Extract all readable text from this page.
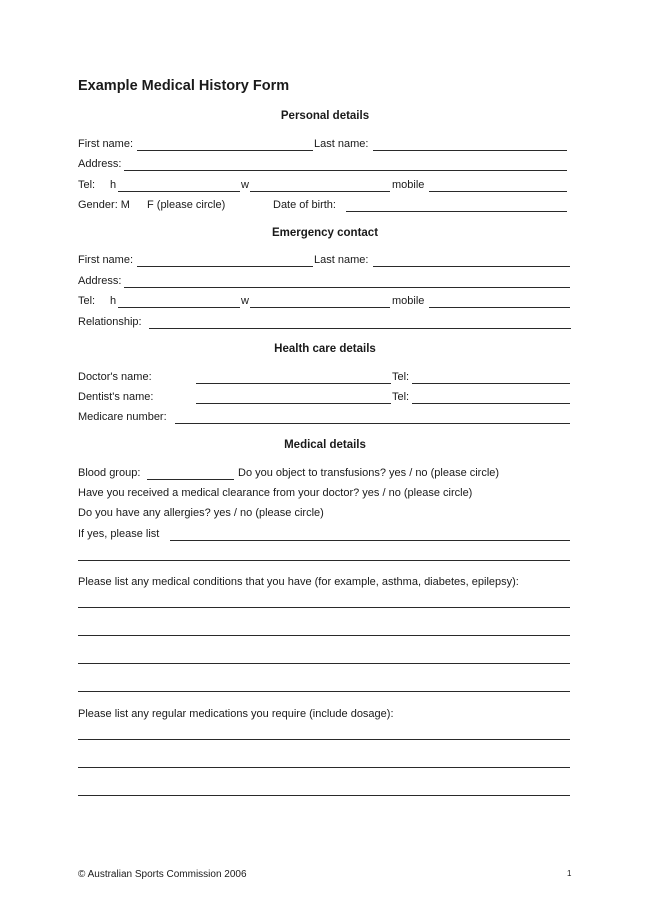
Example Medical History Form
Personal details
First name:	Last name:
Address:
Tel: h	w	mobile
Gender: M F (please circle)	Date of birth:
Emergency contact
First name:	Last name:
Address:
Tel: h	w	mobile
Relationship:
Health care details
Doctor's name:	Tel:
Dentist's name:	Tel:
Medicare number:
Medical details
Blood group:	Do you object to transfusions? yes / no (please circle)
Have you received a medical clearance from your doctor? yes / no (please circle)
Do you have any allergies? yes / no (please circle)
If yes, please list
Please list any medical conditions that you have (for example, asthma, diabetes, epilepsy):
Please list any regular medications you require (include dosage):
© Australian Sports Commission 2006	1
